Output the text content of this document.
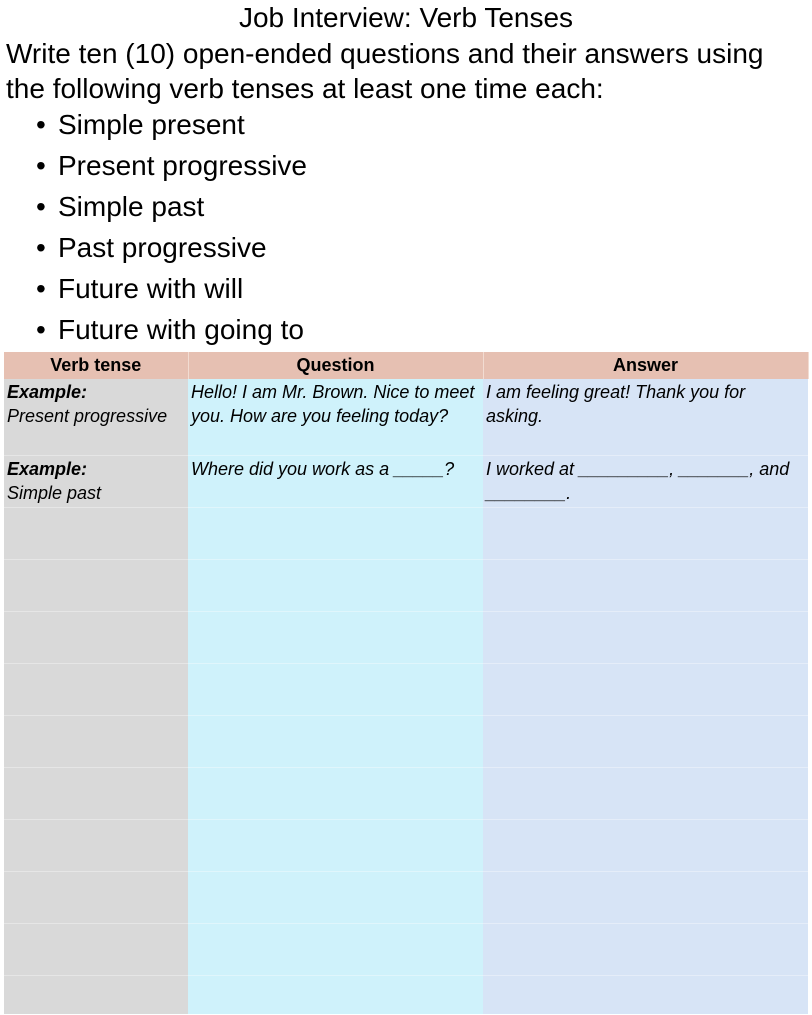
Job Interview: Verb Tenses
Write ten (10) open-ended questions and their answers using the following verb tenses at least one time each:
• Simple present
• Present progressive
• Simple past
• Past progressive
• Future with will
• Future with going to
Verb tense	Question	Answer

Example:
Present progressive	Hello! I am Mr. Brown. Nice to meet you. How are you feeling today?	I am feeling great! Thank you for asking.

Example:
Simple past	Where did you work as a _____?	I worked at _________, _______, and ________.
